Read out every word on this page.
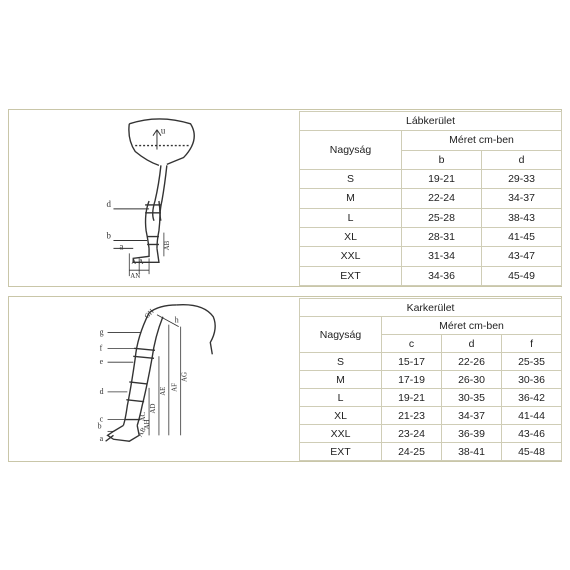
u
d
b
a
A-A
AN
AB
Lábkerület		
Nagyság	Méret cm-ben	
	b	d
S	19-21	29-33
M	22-24	34-37
L	25-28	38-43
XL	28-31	41-45
XXL	31-34	43-47
EXT	34-36	45-49
g
f
e
d
c
b
a
h
GH
AG
AF
AE
AD
AC
AB
AH
Karkerület			
Nagyság	Méret cm-ben		
	c	d	f
S	15-17	22-26	25-35
M	17-19	26-30	30-36
L	19-21	30-35	36-42
XL	21-23	34-37	41-44
XXL	23-24	36-39	43-46
EXT	24-25	38-41	45-48
